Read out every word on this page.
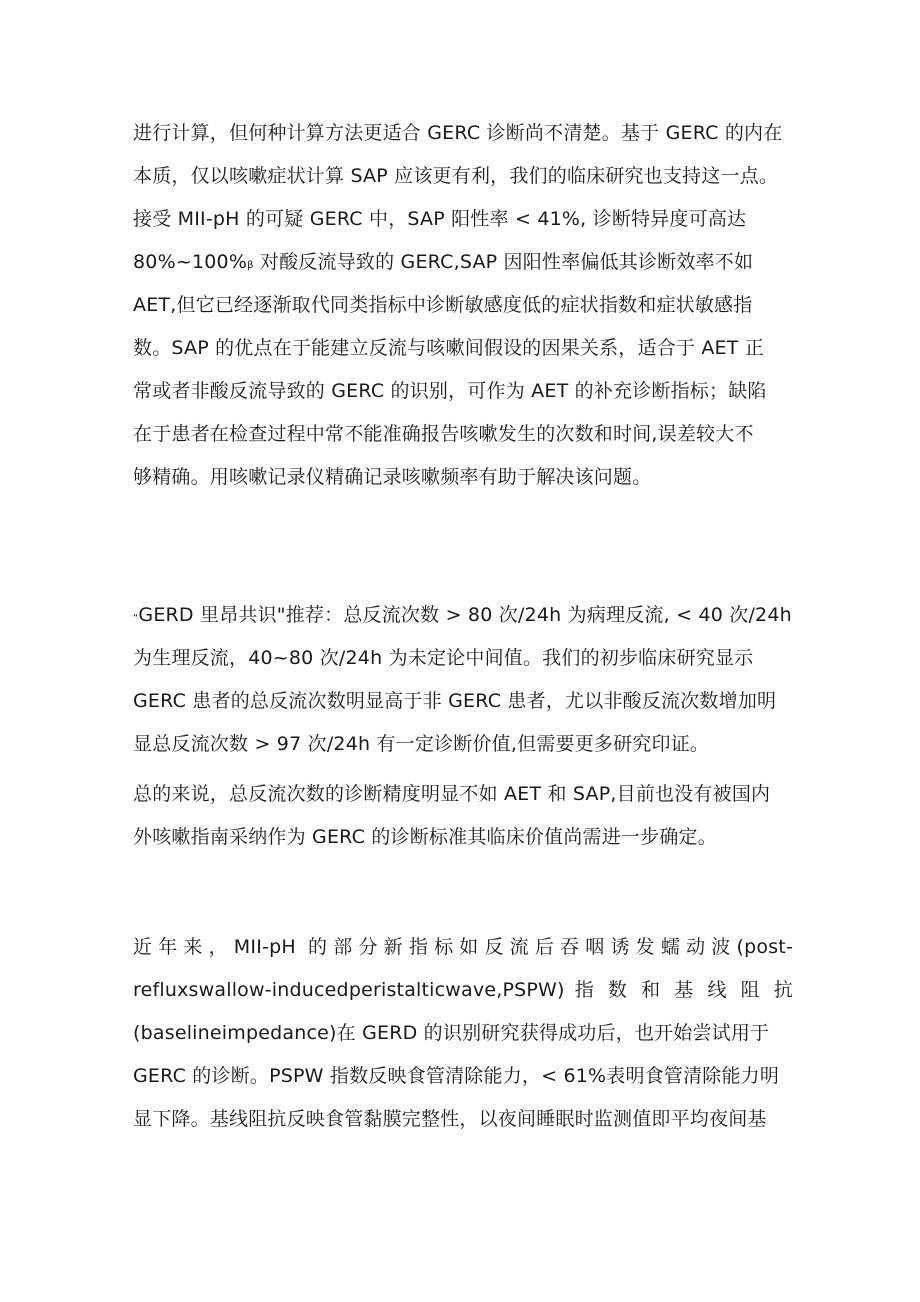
进行计算，但何种计算方法更适合 GERC 诊断尚不清楚。基于 GERC 的内在
本质，仅以咳嗽症状计算 SAP 应该更有利，我们的临床研究也支持这一点。
接受 MII-pH 的可疑 GERC 中，SAP 阳性率 < 41%, 诊断特异度可高达
80%~100%β 对酸反流导致的 GERC,SAP 因阳性率偏低其诊断效率不如
AET,但它已经逐渐取代同类指标中诊断敏感度低的症状指数和症状敏感指
数。SAP 的优点在于能建立反流与咳嗽间假设的因果关系，适合于 AET 正
常或者非酸反流导致的 GERC 的识别，可作为 AET 的补充诊断指标；缺陷
在于患者在检查过程中常不能准确报告咳嗽发生的次数和时间,误差较大不
够精确。用咳嗽记录仪精确记录咳嗽频率有助于解决该问题。
“GERD 里昂共识"推荐：总反流次数 > 80 次/24h 为病理反流, < 40 次/24h
为生理反流，40~80 次/24h 为未定论中间值。我们的初步临床研究显示
GERC 患者的总反流次数明显高于非 GERC 患者，尤以非酸反流次数增加明
显总反流次数 > 97 次/24h 有一定诊断价值,但需要更多研究印证。
总的来说，总反流次数的诊断精度明显不如 AET 和 SAP,目前也没有被国内
外咳嗽指南采纳作为 GERC 的诊断标准其临床价值尚需进一步确定。
近年来，MII-pH 的部分新指标如反流后吞咽诱发蠕动波(post-
refluxswallow-inducedperistalticwave,PSPW) 指 数 和 基 线 阻 抗
(baselineimpedance)在 GERD 的识别研究获得成功后，也开始尝试用于
GERC 的诊断。PSPW 指数反映食管清除能力，< 61%表明食管清除能力明
显下降。基线阻抗反映食管黏膜完整性，以夜间睡眠时监测值即平均夜间基
